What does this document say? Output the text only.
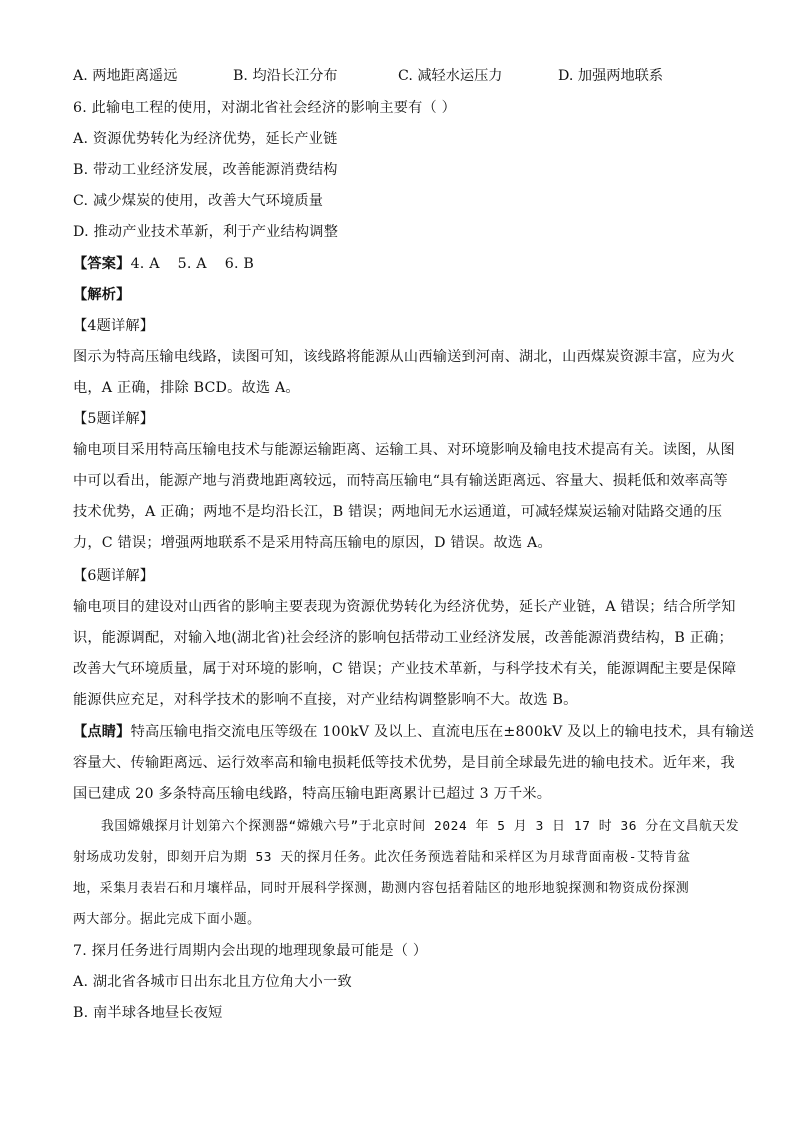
A. 两地距离遥远	B. 均沿长江分布	C. 减轻水运压力	D. 加强两地联系
6. 此输电工程的使用，对湖北省社会经济的影响主要有（ ）
A. 资源优势转化为经济优势，延长产业链
B. 带动工业经济发展，改善能源消费结构
C. 减少煤炭的使用，改善大气环境质量
D. 推动产业技术革新，利于产业结构调整
【答案】4. A 5. A 6. B
【解析】
【4题详解】
图示为特高压输电线路，读图可知，该线路将能源从山西输送到河南、湖北，山西煤炭资源丰富，应为火
电，A 正确，排除 BCD。故选 A。
【5题详解】
输电项目采用特高压输电技术与能源运输距离、运输工具、对环境影响及输电技术提高有关。读图，从图
中可以看出，能源产地与消费地距离较远，而特高压输电“具有输送距离远、容量大、损耗低和效率高等
技术优势，A 正确；两地不是均沿长江，B 错误；两地间无水运通道，可减轻煤炭运输对陆路交通的压
力，C 错误；增强两地联系不是采用特高压输电的原因，D 错误。故选 A。
【6题详解】
输电项目的建设对山西省的影响主要表现为资源优势转化为经济优势，延长产业链，A 错误；结合所学知
识，能源调配，对输入地(湖北省)社会经济的影响包括带动工业经济发展，改善能源消费结构，B 正确；
改善大气环境质量，属于对环境的影响，C 错误；产业技术革新，与科学技术有关，能源调配主要是保障
能源供应充足，对科学技术的影响不直接，对产业结构调整影响不大。故选 B。
【点睛】特高压输电指交流电压等级在 100kV 及以上、直流电压在±800kV 及以上的输电技术，具有输送
容量大、传输距离远、运行效率高和输电损耗低等技术优势，是目前全球最先进的输电技术。近年来，我
国已建成 20 多条特高压输电线路，特高压输电距离累计已超过 3 万千米。
我国嫦娥探月计划第六个探测器“嫦娥六号”于北京时间 2024 年 5 月 3 日 17 时 36 分在文昌航天发
射场成功发射，即刻开启为期 53 天的探月任务。此次任务预选着陆和采样区为月球背面南极-艾特肯盆
地，采集月表岩石和月壤样品，同时开展科学探测，勘测内容包括着陆区的地形地貌探测和物资成份探测
两大部分。据此完成下面小题。
7. 探月任务进行周期内会出现的地理现象最可能是（ ）
A. 湖北省各城市日出东北且方位角大小一致
B. 南半球各地昼长夜短
